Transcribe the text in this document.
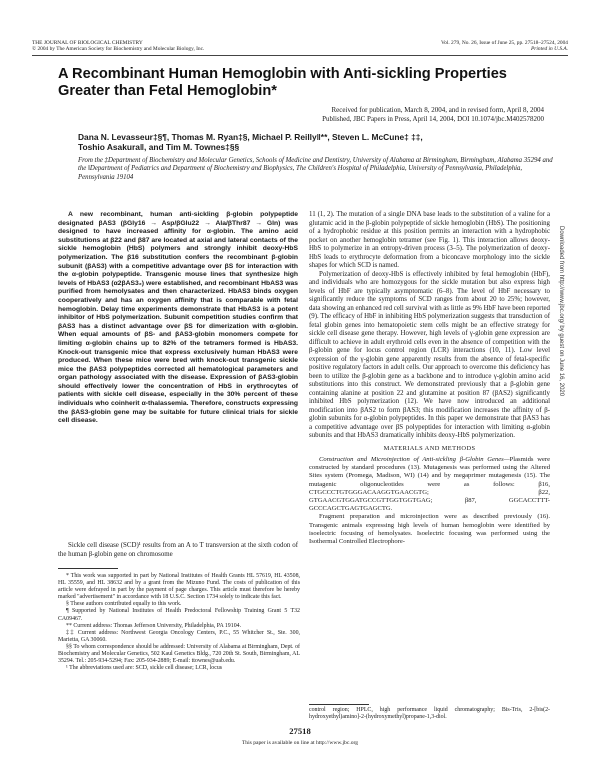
THE JOURNAL OF BIOLOGICAL CHEMISTRY
© 2004 by The American Society for Biochemistry and Molecular Biology, Inc.
Vol. 279, No. 26, Issue of June 25, pp. 27518–27524, 2004
Printed in U.S.A.
A Recombinant Human Hemoglobin with Anti-sickling Properties Greater than Fetal Hemoglobin*
Received for publication, March 8, 2004, and in revised form, April 8, 2004
Published, JBC Papers in Press, April 14, 2004, DOI 10.1074/jbc.M402578200
Dana N. Levasseur‡§¶, Thomas M. Ryan‡§, Michael P. Reilly‖**, Steven L. McCune‡ ‡‡,
Toshio Asakura‖, and Tim M. Townes‡§§
From the ‡Department of Biochemistry and Molecular Genetics, Schools of Medicine and Dentistry, University of Alabama at Birmingham, Birmingham, Alabama 35294 and the ‖Department of Pediatrics and Department of Biochemistry and Biophysics, The Children's Hospital of Philadelphia, University of Pennsylvania, Philadelphia, Pennsylvania 19104

A new recombinant, human anti-sickling β-globin polypeptide designated βAS3 (βGly16 → Asp/βGlu22 → Ala/βThr87 → Gln) was designed to have increased affinity for α-globin. The amino acid substitutions at β22 and β87 are located at axial and lateral contacts of the sickle hemoglobin (HbS) polymers and strongly inhibit deoxy-HbS polymerization. The β16 substitution confers the recombinant β-globin subunit (βAS3) with a competitive advantage over βS for interaction with the α-globin polypeptide. Transgenic mouse lines that synthesize high levels of HbAS3 (α2βAS3₂) were established, and recombinant HbAS3 was purified from hemolysates and then characterized. HbAS3 binds oxygen cooperatively and has an oxygen affinity that is comparable with fetal hemoglobin. Delay time experiments demonstrate that HbAS3 is a potent inhibitor of HbS polymerization. Subunit competition studies confirm that βAS3 has a distinct advantage over βS for dimerization with α-globin. When equal amounts of βS- and βAS3-globin monomers compete for limiting α-globin chains up to 82% of the tetramers formed is HbAS3. Knock-out transgenic mice that express exclusively human HbAS3 were produced. When these mice were bred with knock-out transgenic sickle mice the βAS3 polypeptides corrected all hematological parameters and organ pathology associated with the disease. Expression of βAS3-globin should effectively lower the concentration of HbS in erythrocytes of patients with sickle cell disease, especially in the 30% percent of these individuals who coinherit α-thalassemia. Therefore, constructs expressing the βAS3-globin gene may be suitable for future clinical trials for sickle cell disease.

Sickle cell disease (SCD)¹ results from an A to T transversion at the sixth codon of the human β-globin gene on chromosome

* This work was supported in part by National Institutes of Health Grants HL 57619, HL 43508, HL 35559, and HL 38632 and by a grant from the Mizuno Fund. The costs of publication of this article were defrayed in part by the payment of page charges. This article must therefore be hereby marked "advertisement" in accordance with 18 U.S.C. Section 1734 solely to indicate this fact.

§ These authors contributed equally to this work.

¶ Supported by National Institutes of Health Predoctoral Fellowship Training Grant 5 T32 CA09467.

** Current address: Thomas Jefferson University, Philadelphia, PA 19104.

‡‡ Current address: Northwest Georgia Oncology Centers, P.C., 55 Whitcher St., Ste. 300, Marietta, GA 30060.

§§ To whom correspondence should be addressed: University of Alabama at Birmingham, Dept. of Biochemistry and Molecular Genetics, 502 Kaul Genetics Bldg., 720 20th St. South, Birmingham, AL 35294. Tel.: 205-934-5294; Fax: 205-934-2889; E-mail: ttownes@uab.edu.

¹ The abbreviations used are: SCD, sickle cell disease; LCR, locus

11 (1, 2). The mutation of a single DNA base leads to the substitution of a valine for a glutamic acid in the β-globin polypeptide of sickle hemoglobin (HbS). The positioning of a hydrophobic residue at this position permits an interaction with a hydrophobic pocket on another hemoglobin tetramer (see Fig. 1). This interaction allows deoxy-HbS to polymerize in an entropy-driven process (3–5). The polymerization of deoxy-HbS leads to erythrocyte deformation from a biconcave morphology into the sickle shapes for which SCD is named.

Polymerization of deoxy-HbS is effectively inhibited by fetal hemoglobin (HbF), and individuals who are homozygous for the sickle mutation but also express high levels of HbF are typically asymptomatic (6–8). The level of HbF necessary to significantly reduce the symptoms of SCD ranges from about 20 to 25%; however, data showing an enhanced red cell survival with as little as 9% HbF have been reported (9). The efficacy of HbF in inhibiting HbS polymerization suggests that transduction of fetal globin genes into hematopoietic stem cells might be an effective strategy for sickle cell disease gene therapy. However, high levels of γ-globin gene expression are difficult to achieve in adult erythroid cells even in the absence of competition with the β-globin gene for locus control region (LCR) interactions (10, 11). Low level expression of the γ-globin gene apparently results from the absence of fetal-specific positive regulatory factors in adult cells. Our approach to overcome this deficiency has been to utilize the β-globin gene as a backbone and to introduce γ-globin amino acid substitutions into this construct. We demonstrated previously that a β-globin gene containing alanine at position 22 and glutamine at position 87 (βAS2) significantly inhibited HbS polymerization (12). We have now introduced an additional modification into βAS2 to form βAS3; this modification increases the affinity of β-globin subunits for α-globin polypeptides. In this paper we demonstrate that βAS3 has a competitive advantage over βS polypeptides for interaction with limiting α-globin subunits and that HbAS3 dramatically inhibits deoxy-HbS polymerization.

MATERIALS AND METHODS

Construction and Microinjection of Anti-sickling β-Globin Genes—Plasmids were constructed by standard procedures (13). Mutagenesis was performed using the Altered Sites system (Promega, Madison, WI) (14) and by megaprimer mutagenesis (15). The mutagenic oligonucleotides were as follows: β16, CTGCCCTGTGGGACAAGGTGAACGTG; β22, GTGAACGTGGATGCCGTTGGTGGTGAG; β87, GGCACCTTT-GCCCAGCTGAGTGAGCTG.

Fragment preparation and microinjection were as described previously (16). Transgenic animals expressing high levels of human hemoglobin were identified by isoelectric focusing of hemolysates. Isoelectric focusing was performed using the Isothermal Controlled Electrophore-

control region; HPLC, high performance liquid chromatography; Bis-Tris, 2-[bis(2-hydroxyethyl)amino]-2-(hydroxymethyl)propane-1,3-diol.
27518
This paper is available on line at http://www.jbc.org
Downloaded from http://www.jbc.org/ by guest on June 16, 2020
